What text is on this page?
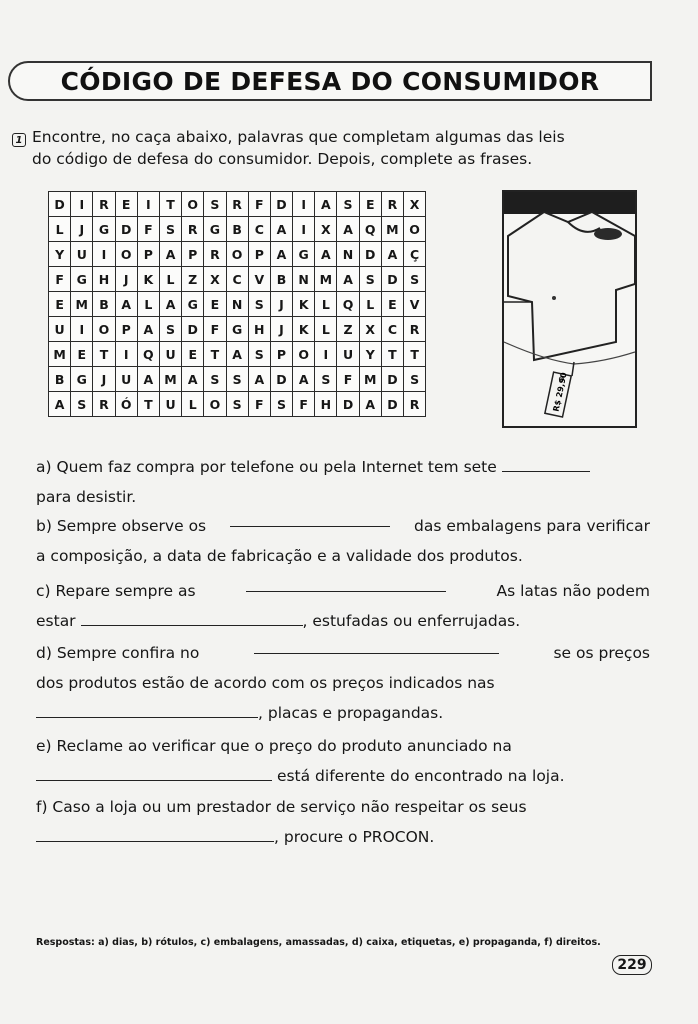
CÓDIGO DE DEFESA DO CONSUMIDOR
1 Encontre, no caça abaixo, palavras que completam algumas das leis
do código de defesa do consumidor. Depois, complete as frases.

D	I	R	E	I	T	O	S	R	F	D	I	A	S	E	R	X
L	J	G	D	F	S	R	G	B	C	A	I	X	A	Q	M	O
Y	U	I	O	P	A	P	R	O	P	A	G	A	N	D	A	Ç
F	G	H	J	K	L	Z	X	C	V	B	N	M	A	S	D	S
E	M	B	A	L	A	G	E	N	S	J	K	L	Q	L	E	V
U	I	O	P	A	S	D	F	G	H	J	K	L	Z	X	C	R
M	E	T	I	Q	U	E	T	A	S	P	O	I	U	Y	T	T
B	G	J	U	A	M	A	S	S	A	D	A	S	F	M	D	S
A	S	R	Ó	T	U	L	O	S	F	S	F	H	D	A	D	R	R$ 29,90
a) Quem faz compra por telefone ou pela Internet tem sete
para desistir.
b) Sempre observe os	das embalagens para verificar
a composição, a data de fabricação e a validade dos produtos.
c) Repare sempre as	As latas não podem
estar	, estufadas ou enferrujadas.
d) Sempre confira no	se os preços
dos produtos estão de acordo com os preços indicados nas
, placas e propagandas.
e) Reclame ao verificar que o preço do produto anunciado na
está diferente do encontrado na loja.
f) Caso a loja ou um prestador de serviço não respeitar os seus
, procure o PROCON.

Respostas: a) dias, b) rótulos, c) embalagens, amassadas, d) caixa, etiquetas, e) propaganda, f) direitos.

229
